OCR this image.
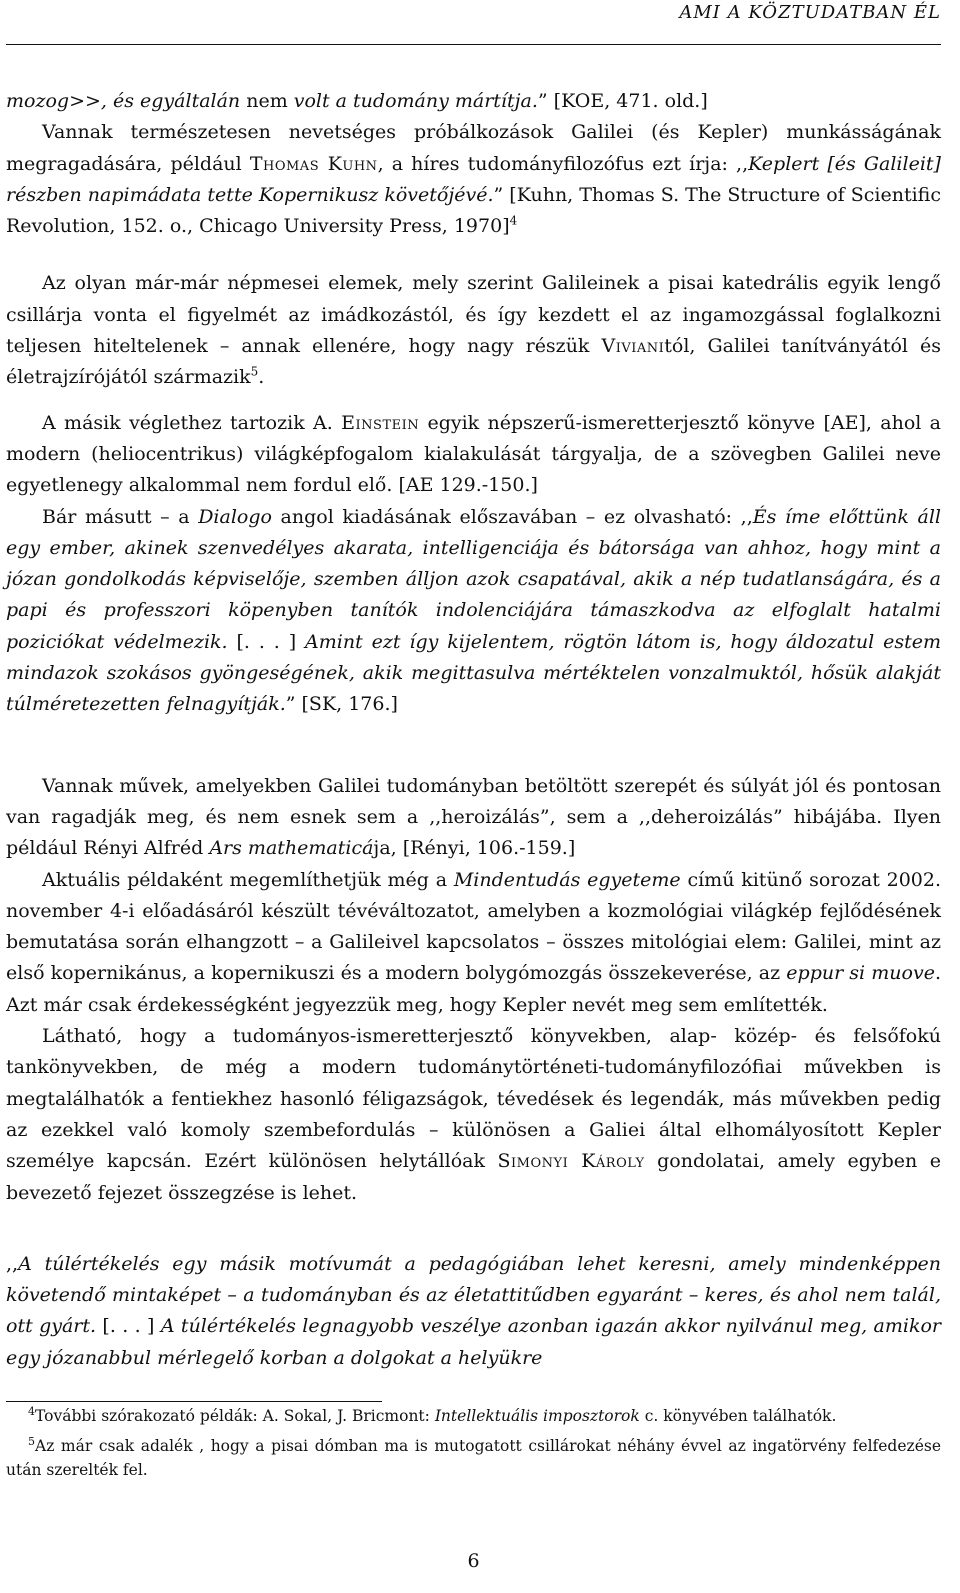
AMI A KÖZTUDATBAN ÉL

mozog>>, és egyáltalán nem volt a tudomány mártítja.” [KOE, 471. old.]

Vannak természetesen nevetséges próbálkozások Galilei (és Kepler) munkásságának megragadására, például Thomas Kuhn, a híres tudományfilozófus ezt írja: ,,Keplert [és Galileit] részben napimádata tette Kopernikusz követőjévé.” [Kuhn, Thomas S. The Structure of Scientific Revolution, 152. o., Chicago University Press, 1970]$^4$

Az olyan már-már népmesei elemek, mely szerint Galileinek a pisai katedrális egyik lengő csillárja vonta el figyelmét az imádkozástól, és így kezdett el az ingamozgással foglalkozni teljesen hiteltelenek – annak ellenére, hogy nagy részük Vivianitól, Galilei tanítványától és életrajzírójától származik$^5$.

A másik véglethez tartozik A. Einstein egyik népszerű-ismeretterjesztő könyve [AE], ahol a modern (heliocentrikus) világképfogalom kialakulását tárgyalja, de a szövegben Galilei neve egyetlenegy alkalommal nem fordul elő. [AE 129.-150.]

Bár másutt – a Dialogo angol kiadásának előszavában – ez olvasható: ,,És íme előttünk áll egy ember, akinek szenvedélyes akarata, intelligenciája és bátorsága van ahhoz, hogy mint a józan gondolkodás képviselője, szemben álljon azok csapatával, akik a nép tudatlanságára, és a papi és professzori köpenyben tanítók indolenciájára támaszkodva az elfoglalt hatalmi poziciókat védelmezik. [. . . ] Amint ezt így kijelentem, rögtön látom is, hogy áldozatul estem mindazok szokásos gyöngeségének, akik megittasulva mértéktelen vonzalmuktól, hősük alakját túlméretezetten felnagyítják.” [SK, 176.]

Vannak művek, amelyekben Galilei tudományban betöltött szerepét és súlyát jól és pontosan van ragadják meg, és nem esnek sem a ,,heroizálás”, sem a ,,deheroizálás” hibájába. Ilyen például Rényi Alfréd Ars mathematicája, [Rényi, 106.-159.]

Aktuális példaként megemlíthetjük még a Mindentudás egyeteme című kitünő sorozat 2002. november 4-i előadásáról készült tévéváltozatot, amelyben a kozmológiai világkép fejlődésének bemutatása során elhangzott – a Galileivel kapcsolatos – összes mitológiai elem: Galilei, mint az első kopernikánus, a kopernikuszi és a modern bolygómozgás összekeverése, az eppur si muove. Azt már csak érdekességként jegyezzük meg, hogy Kepler nevét meg sem említették.

Látható, hogy a tudományos-ismeretterjesztő könyvekben, alap- közép- és felsőfokú tankönyvekben, de még a modern tudománytörténeti-tudományfilozófiai művekben is megtalálhatók a fentiekhez hasonló féligazságok, tévedések és legendák, más művekben pedig az ezekkel való komoly szembefordulás – különösen a Galiei által elhomályosított Kepler személye kapcsán. Ezért különösen helytállóak Simonyi Károly gondolatai, amely egyben e bevezető fejezet összegzése is lehet.

,,A túlértékelés egy másik motívumát a pedagógiában lehet keresni, amely mindenképpen követendő mintaképet – a tudományban és az életattitűdben egyaránt – keres, és ahol nem talál, ott gyárt. [. . . ] A túlértékelés legnagyobb veszélye azonban igazán akkor nyilvánul meg, amikor egy józanabbul mérlegelő korban a dolgokat a helyükre

$^4$További szórakozató példák: A. Sokal, J. Bricmont: Intellektuális imposztorok c. könyvében találhatók.

$^5$Az már csak adalék , hogy a pisai dómban ma is mutogatott csillárokat néhány évvel az ingatörvény felfedezése után szerelték fel.

6
